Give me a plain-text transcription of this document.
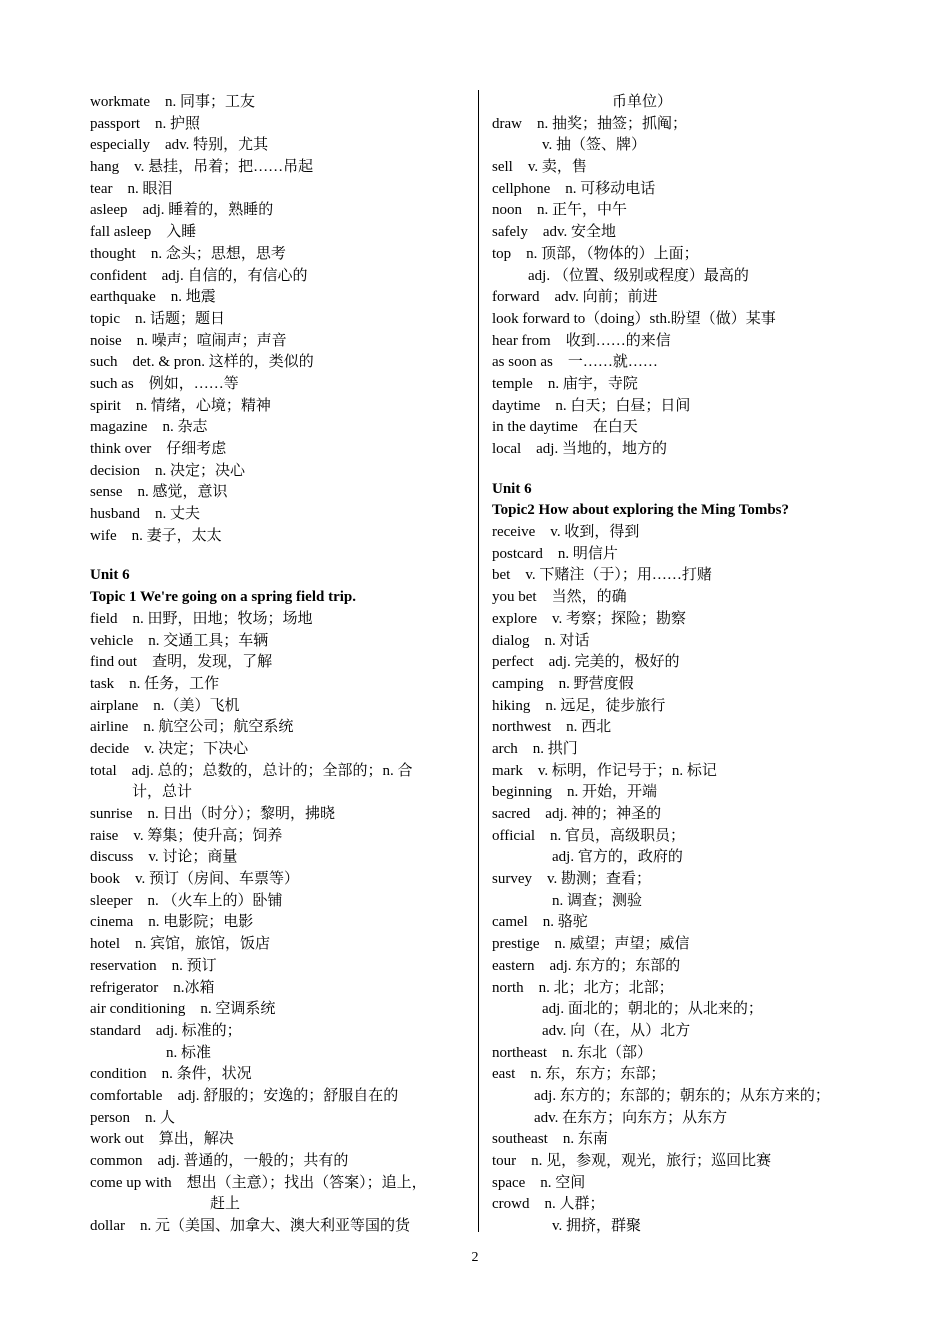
workmate　n. 同事；工友
passport　n. 护照
especially　adv. 特别，尤其
hang　v. 悬挂，吊着；把……吊起
tear　n. 眼泪
asleep　adj. 睡着的，熟睡的
fall asleep　入睡
thought　n. 念头；思想，思考
confident　adj. 自信的，有信心的
earthquake　n. 地震
topic　n. 话题；题日
noise　n. 噪声；喧闹声；声音
such　det. & pron. 这样的，类似的
such as　例如，……等
spirit　n. 情绪，心境；精神
magazine　n. 杂志
think over　仔细考虑
decision　n. 决定；决心
sense　n. 感觉，意识
husband　n. 丈夫
wife　n. 妻子，太太
Unit 6
Topic 1 We're going on a spring field trip.
field　n. 田野，田地；牧场；场地
vehicle　n. 交通工具；车辆
find out　查明，发现，了解
task　n. 任务，工作
airplane　n.（美）飞机
airline　n. 航空公司；航空系统
decide　v. 决定；下决心
total　adj. 总的；总数的，总计的；全部的；n. 合
计，总计
sunrise　n. 日出（时分）；黎明，拂晓
raise　v. 筹集；使升高；饲养
discuss　v. 讨论；商量
book　v. 预订（房间、车票等）
sleeper　n. （火车上的）卧铺
cinema　n. 电影院；电影
hotel　n. 宾馆，旅馆，饭店
reservation　n. 预订
refrigerator　n.冰箱
air conditioning　n. 空调系统
standard　adj. 标准的；
n. 标准
condition　n. 条件，状况
comfortable　adj. 舒服的；安逸的；舒服自在的
person　n. 人
work out　算出，解决
common　adj. 普通的，一般的；共有的
come up with　想出（主意）；找出（答案）；追上，
赶上
dollar　n. 元（美国、加拿大、澳大利亚等国的货
币单位）
draw　n. 抽奖；抽签；抓阄；
v. 抽（签、牌）
sell　v. 卖，售
cellphone　n. 可移动电话
noon　n. 正午，中午
safely　adv. 安全地
top　n. 顶部，（物体的）上面；
adj. （位置、级别或程度）最高的
forward　adv. 向前；前进
look forward to（doing）sth.盼望（做）某事
hear from　收到……的来信
as soon as　一……就……
temple　n. 庙宇，寺院
daytime　n. 白天；白昼；日间
in the daytime　在白天
local　adj. 当地的，地方的
Unit 6
Topic2 How about exploring the Ming Tombs?
receive　v. 收到，得到
postcard　n. 明信片
bet　v. 下赌注（于）；用……打赌
you bet　当然，的确
explore　v. 考察；探险；勘察
dialog　n. 对话
perfect　adj. 完美的，极好的
camping　n. 野营度假
hiking　n. 远足，徒步旅行
northwest　n. 西北
arch　n. 拱门
mark　v. 标明，作记号于；n. 标记
beginning　n. 开始，开端
sacred　adj. 神的；神圣的
official　n. 官员，高级职员；
adj. 官方的，政府的
survey　v. 勘测；查看；
n. 调查；测验
camel　n. 骆驼
prestige　n. 威望；声望；威信
eastern　adj. 东方的；东部的
north　n. 北；北方；北部；
adj. 面北的；朝北的；从北来的；
adv. 向（在，从）北方
northeast　n. 东北（部）
east　n. 东，东方；东部；
adj. 东方的；东部的；朝东的；从东方来的；
adv. 在东方；向东方；从东方
southeast　n. 东南
tour　n. 见，参观，观光，旅行；巡回比赛
space　n. 空间
crowd　n. 人群；
v. 拥挤，群聚
2
